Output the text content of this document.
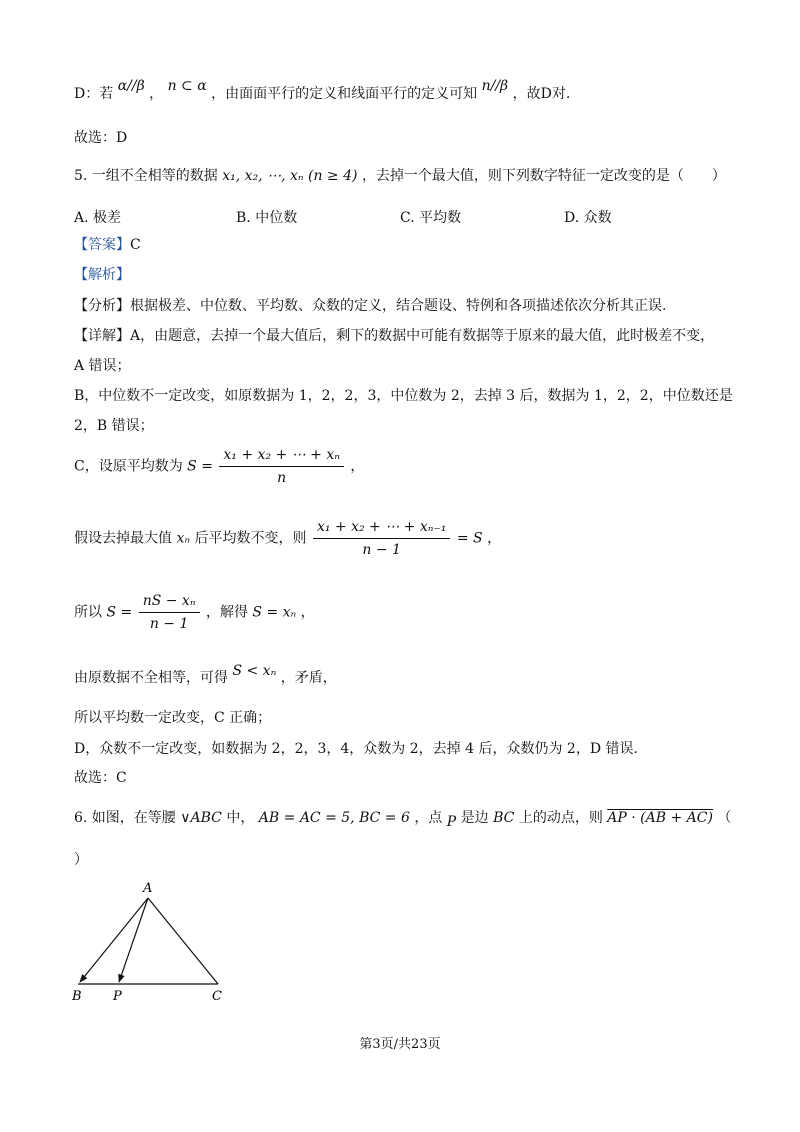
D：若 α//β ， n ⊂ α ，由面面平行的定义和线面平行的定义可知 n//β ，故D对.
故选：D
5. 一组不全相等的数据 x₁, x₂, ⋯, xₙ (n ≥ 4) ，去掉一个最大值，则下列数字特征一定改变的是（　　）
A. 极差	B. 中位数	C. 平均数	D. 众数
【答案】C
【解析】
【分析】根据极差、中位数、平均数、众数的定义，结合题设、特例和各项描述依次分析其正误.
【详解】A，由题意，去掉一个最大值后，剩下的数据中可能有数据等于原来的最大值，此时极差不变，
A 错误；
B，中位数不一定改变，如原数据为 1，2，2，3，中位数为 2，去掉 3 后，数据为 1，2，2，中位数还是
2，B 错误；
C，设原平均数为 $S = \frac{\text{x₁ + x₂ + ⋯ + xₙ}}{n}$ ，
假设去掉最大值 xₙ 后平均数不变，则 $\frac{\text{x₁ + x₂ + ⋯ + xₙ₋₁}}{n - 1} = S$ ，
所以 $S = \frac{\text{nS − xₙ}}{n - 1}$ ，解得 S = xₙ ，
由原数据不全相等，可得 S < xₙ ，矛盾，
所以平均数一定改变，C 正确；
D，众数不一定改变，如数据为 2，2，3，4，众数为 2，去掉 4 后，众数仍为 2，D 错误.
故选：C
6. 如图，在等腰 ∨ABC 中， AB = AC = 5, BC = 6 ，点 P 是边 BC 上的动点，则 AP · (AB + AC) （
）
A
B P	C
第3页/共23页
